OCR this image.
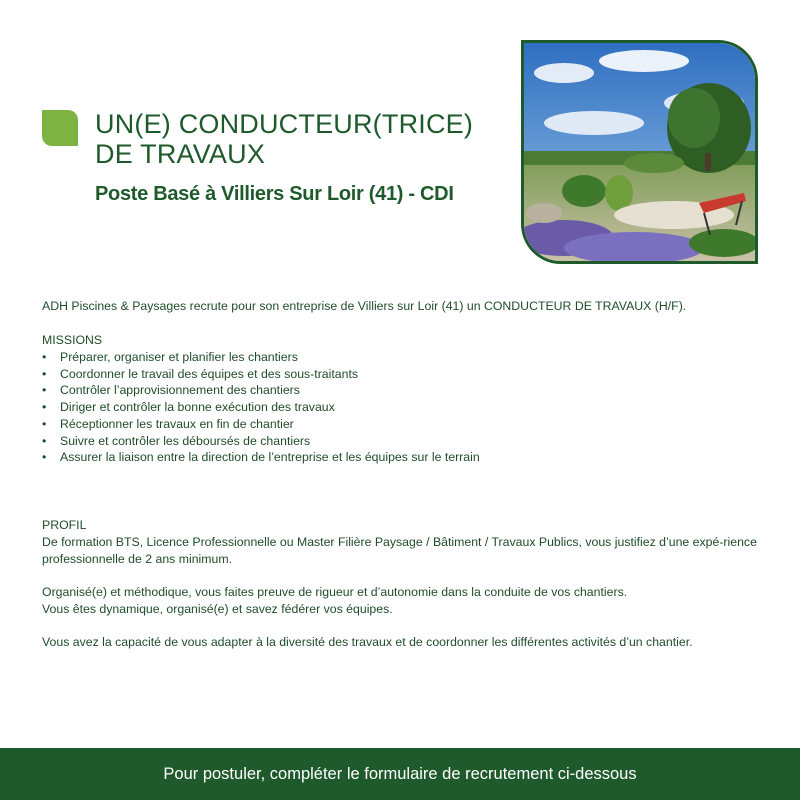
UN(E) CONDUCTEUR(TRICE) DE TRAVAUX
Poste Basé à Villiers Sur Loir (41) - CDI
ADH Piscines & Paysages recrute pour son entreprise de Villiers sur Loir (41) un CONDUCTEUR DE TRAVAUX (H/F).
MISSIONS
• Préparer, organiser et planifier les chantiers
• Coordonner le travail des équipes et des sous-traitants
• Contrôler l’approvisionnement des chantiers
• Diriger et contrôler la bonne exécution des travaux
• Réceptionner les travaux en fin de chantier
• Suivre et contrôler les déboursés de chantiers
• Assurer la liaison entre la direction de l’entreprise et les équipes sur le terrain
PROFIL
De formation BTS, Licence Professionnelle ou Master Filière Paysage / Bâtiment / Travaux Publics, vous justifiez d’une expé-rience professionnelle de 2 ans minimum.
Organisé(e) et méthodique, vous faites preuve de rigueur et d’autonomie dans la conduite de vos chantiers.
Vous êtes dynamique, organisé(e) et savez fédérer vos équipes.
Vous avez la capacité de vous adapter à la diversité des travaux et de coordonner les différentes activités d’un chantier.
Pour postuler, compléter le formulaire de recrutement ci-dessous
